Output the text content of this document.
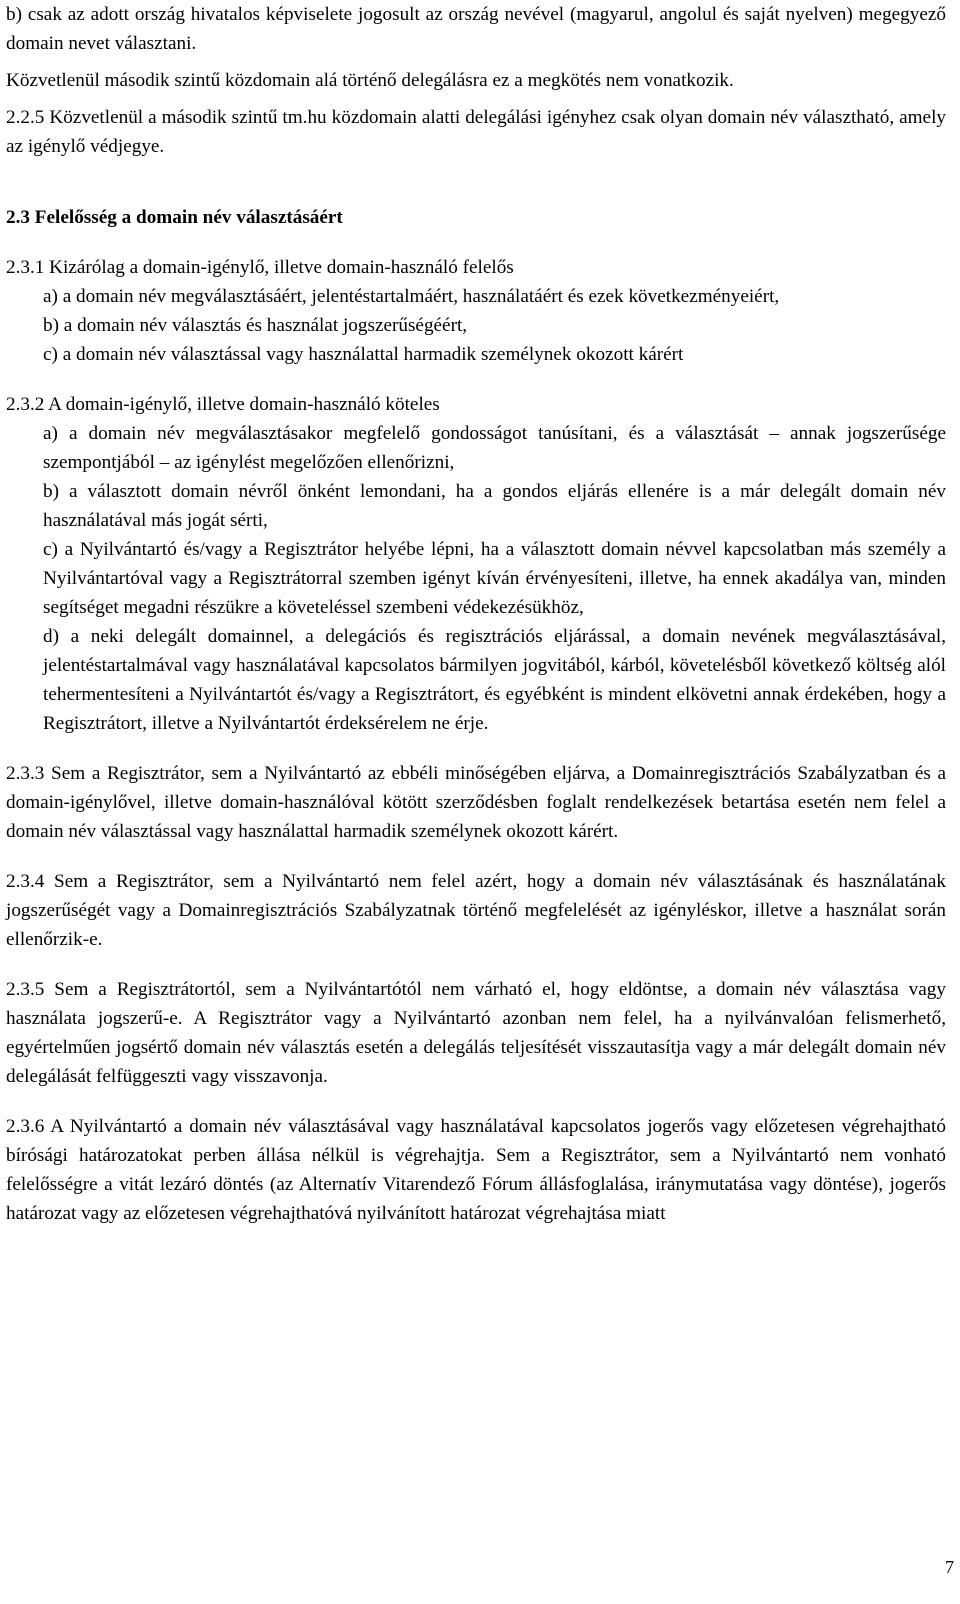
b) csak az adott ország hivatalos képviselete jogosult az ország nevével (magyarul, angolul és saját nyelven) megegyező domain nevet választani.

Közvetlenül második szintű közdomain alá történő delegálásra ez a megkötés nem vonatkozik.

2.2.5 Közvetlenül a második szintű tm.hu közdomain alatti delegálási igényhez csak olyan domain név választható, amely az igénylő védjegye.

2.3 Felelősség a domain név választásáért

2.3.1 Kizárólag a domain-igénylő, illetve domain-használó felelős

a) a domain név megválasztásáért, jelentéstartalmáért, használatáért és ezek következményeiért,

b) a domain név választás és használat jogszerűségéért,

c) a domain név választással vagy használattal harmadik személynek okozott kárért

2.3.2 A domain-igénylő, illetve domain-használó köteles

a) a domain név megválasztásakor megfelelő gondosságot tanúsítani, és a választását – annak jogszerűsége szempontjából – az igénylést megelőzően ellenőrizni,

b) a választott domain névről önként lemondani, ha a gondos eljárás ellenére is a már delegált domain név használatával más jogát sérti,

c) a Nyilvántartó és/vagy a Regisztrátor helyébe lépni, ha a választott domain névvel kapcsolatban más személy a Nyilvántartóval vagy a Regisztrátorral szemben igényt kíván érvényesíteni, illetve, ha ennek akadálya van, minden segítséget megadni részükre a követeléssel szembeni védekezésükhöz,

d) a neki delegált domainnel, a delegációs és regisztrációs eljárással, a domain nevének megválasztásával, jelentéstartalmával vagy használatával kapcsolatos bármilyen jogvitából, kárból, követelésből következő költség alól tehermentesíteni a Nyilvántartót és/vagy a Regisztrátort, és egyébként is mindent elkövetni annak érdekében, hogy a Regisztrátort, illetve a Nyilvántartót érdeksérelem ne érje.

2.3.3 Sem a Regisztrátor, sem a Nyilvántartó az ebbéli minőségében eljárva, a Domainregisztrációs Szabályzatban és a domain-igénylővel, illetve domain-használóval kötött szerződésben foglalt rendelkezések betartása esetén nem felel a domain név választással vagy használattal harmadik személynek okozott kárért.

2.3.4 Sem a Regisztrátor, sem a Nyilvántartó nem felel azért, hogy a domain név választásának és használatának jogszerűségét vagy a Domainregisztrációs Szabályzatnak történő megfelelését az igényléskor, illetve a használat során ellenőrzik-e.

2.3.5 Sem a Regisztrátortól, sem a Nyilvántartótól nem várható el, hogy eldöntse, a domain név választása vagy használata jogszerű-e. A Regisztrátor vagy a Nyilvántartó azonban nem felel, ha a nyilvánvalóan felismerhető, egyértelműen jogsértő domain név választás esetén a delegálás teljesítését visszautasítja vagy a már delegált domain név delegálását felfüggeszti vagy visszavonja.

2.3.6 A Nyilvántartó a domain név választásával vagy használatával kapcsolatos jogerős vagy előzetesen végrehajtható bírósági határozatokat perben állása nélkül is végrehajtja. Sem a Regisztrátor, sem a Nyilvántartó nem vonható felelősségre a vitát lezáró döntés (az Alternatív Vitarendező Fórum állásfoglalása, iránymutatása vagy döntése), jogerős határozat vagy az előzetesen végrehajthatóvá nyilvánított határozat végrehajtása miatt

7
